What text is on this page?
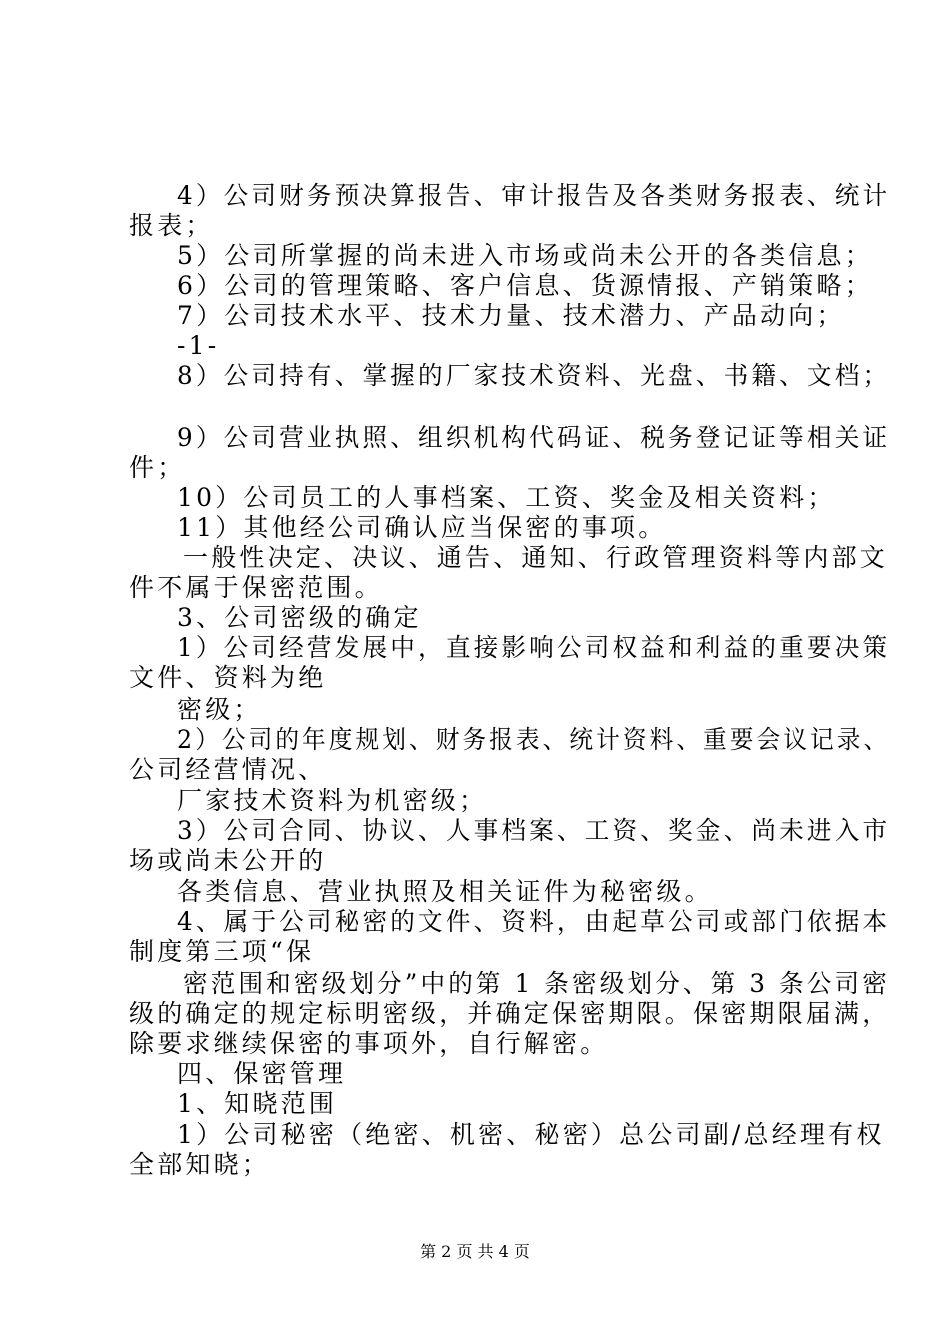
4）公司财务预决算报告、审计报告及各类财务报表、统计
报表；
5）公司所掌握的尚未进入市场或尚未公开的各类信息；
6）公司的管理策略、客户信息、货源情报、产销策略；
7）公司技术水平、技术力量、技术潜力、产品动向；
-1-
8）公司持有、掌握的厂家技术资料、光盘、书籍、文档；
9）公司营业执照、组织机构代码证、税务登记证等相关证
件；
10）公司员工的人事档案、工资、奖金及相关资料；
11）其他经公司确认应当保密的事项。
一般性决定、决议、通告、通知、行政管理资料等内部文
件不属于保密范围。
3、公司密级的确定
1）公司经营发展中，直接影响公司权益和利益的重要决策
文件、资料为绝
密级；
2）公司的年度规划、财务报表、统计资料、重要会议记录、
公司经营情况、
厂家技术资料为机密级；
3）公司合同、协议、人事档案、工资、奖金、尚未进入市
场或尚未公开的
各类信息、营业执照及相关证件为秘密级。
4、属于公司秘密的文件、资料，由起草公司或部门依据本
制度第三项“保
密范围和密级划分”中的第 1 条密级划分、第 3 条公司密
级的确定的规定标明密级，并确定保密期限。保密期限届满，
除要求继续保密的事项外，自行解密。
四、保密管理
1、知晓范围
1）公司秘密（绝密、机密、秘密）总公司副/总经理有权
全部知晓；
第 2 页 共 4 页
